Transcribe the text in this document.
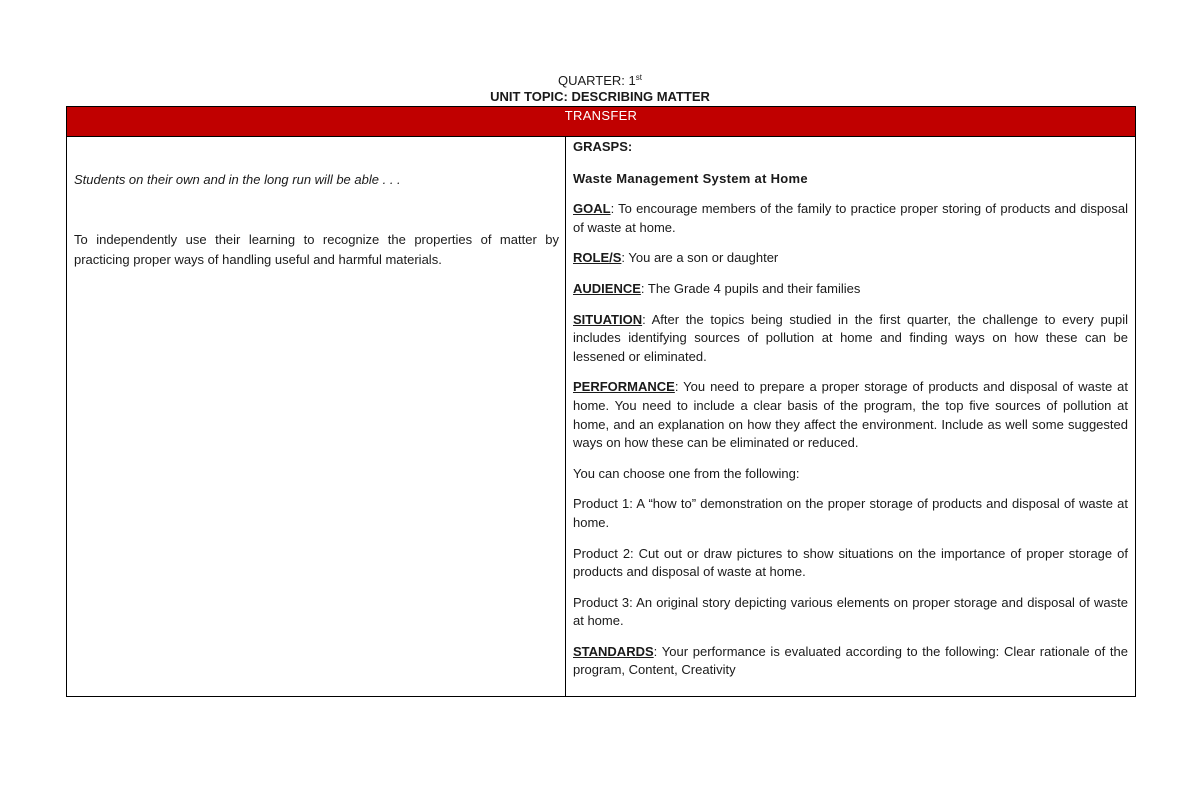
QUARTER: 1st
UNIT TOPIC: DESCRIBING MATTER
TRANSFER
Students on their own and in the long run will be able . . .
To independently use their learning to recognize the properties of matter by practicing proper ways of handling useful and harmful materials.

GRASPS:

Waste Management System at Home

GOAL: To encourage members of the family to practice proper storing of products and disposal of waste at home.

ROLE/S: You are a son or daughter

AUDIENCE: The Grade 4 pupils and their families

SITUATION: After the topics being studied in the first quarter, the challenge to every pupil includes identifying sources of pollution at home and finding ways on how these can be lessened or eliminated.

PERFORMANCE: You need to prepare a proper storage of products and disposal of waste at home. You need to include a clear basis of the program, the top five sources of pollution at home, and an explanation on how they affect the environment. Include as well some suggested ways on how these can be eliminated or reduced.

You can choose one from the following:

Product 1: A “how to” demonstration on the proper storage of products and disposal of waste at home.

Product 2: Cut out or draw pictures to show situations on the importance of proper storage of products and disposal of waste at home.

Product 3: An original story depicting various elements on proper storage and disposal of waste at home.

STANDARDS: Your performance is evaluated according to the following: Clear rationale of the program, Content, Creativity
